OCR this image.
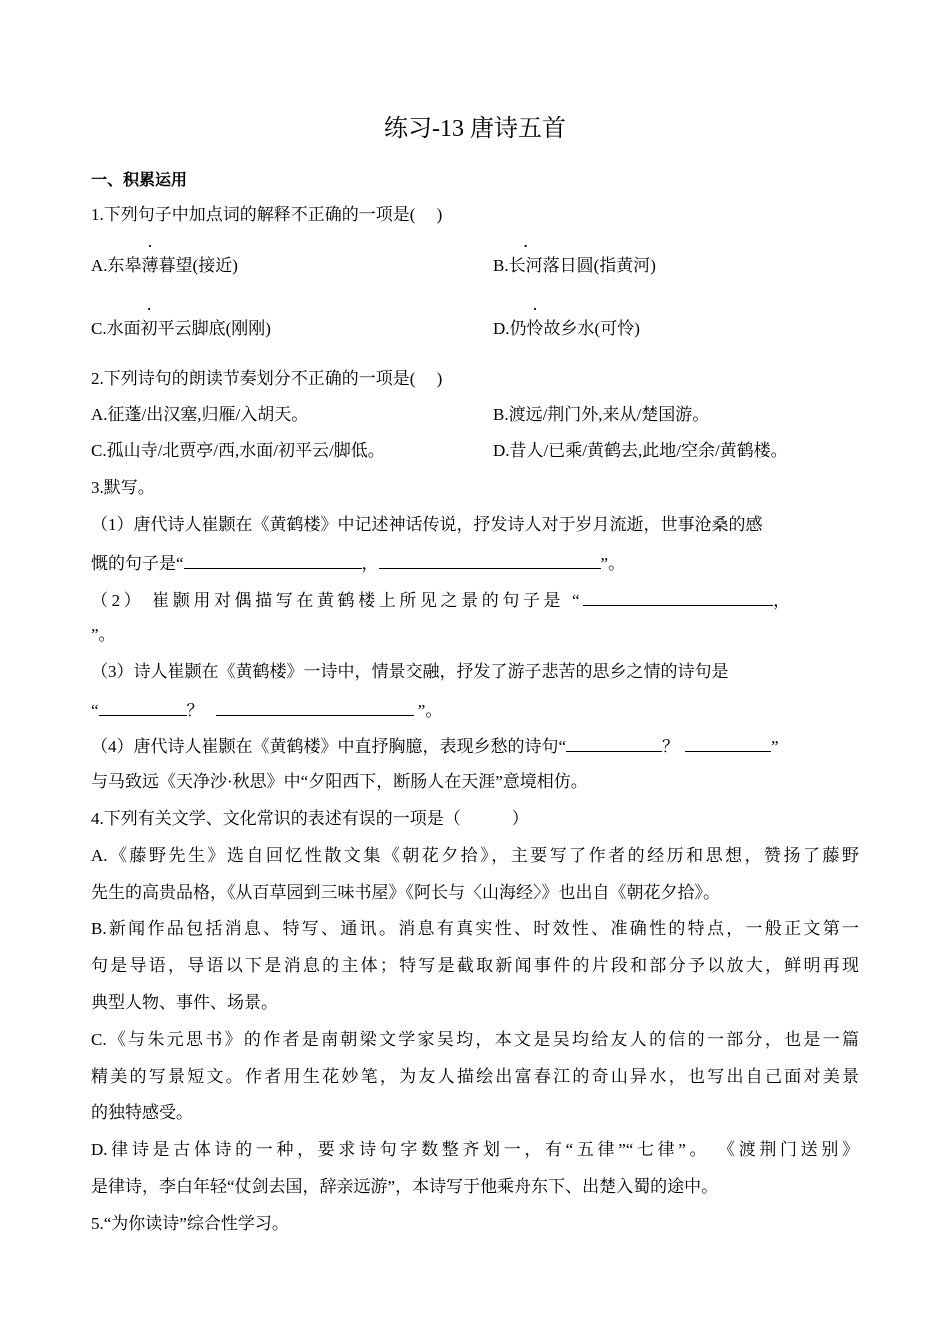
练习-13 唐诗五首
一、积累运用
1.下列句子中加点词的解释不正确的一项是(　 )
A.东皋薄暮望(接近)	B.长河落日圆(指黄河)
C.水面初平云脚底(刚刚)	D.仍怜故乡水(可怜)
2.下列诗句的朗读节奏划分不正确的一项是(　 )
A.征蓬/出汉塞,归雁/入胡天。	B.渡远/荆门外,来从/楚国游。
C.孤山寺/北贾亭/西,水面/初平云/脚低。	D.昔人/已乘/黄鹤去,此地/空余/黄鹤楼。
3.默写。
（1）唐代诗人崔颢在《黄鹤楼》中记述神话传说，抒发诗人对于岁月流逝，世事沧桑的感
慨的句子是“	，	”。
（2） 崔颢用对偶描写在黄鹤楼上所见之景的句子是 “	，
”。
（3）诗人崔颢在《黄鹤楼》一诗中，情景交融，抒发了游子悲苦的思乡之情的诗句是
“	？	”。
（4）唐代诗人崔颢在《黄鹤楼》中直抒胸臆，表现乡愁的诗句“	？	”
与马致远《天净沙·秋思》中“夕阳西下，断肠人在天涯”意境相仿。
4.下列有关文学、文化常识的表述有误的一项是（　　　）
A.《藤野先生》选自回忆性散文集《朝花夕拾》，主要写了作者的经历和思想，赞扬了藤野
先生的高贵品格，《从百草园到三味书屋》《阿长与〈山海经〉》也出自《朝花夕拾》。
B.新闻作品包括消息、特写、通讯。消息有真实性、时效性、准确性的特点，一般正文第一
句是导语，导语以下是消息的主体；特写是截取新闻事件的片段和部分予以放大，鲜明再现
典型人物、事件、场景。
C.《与朱元思书》的作者是南朝梁文学家吴均，本文是吴均给友人的信的一部分，也是一篇
精美的写景短文。作者用生花妙笔，为友人描绘出富春江的奇山异水，也写出自己面对美景
的独特感受。
D.律诗是古体诗的一种，要求诗句字数整齐划一，有“五律”“七律”。 《渡荆门送别》
是律诗，李白年轻“仗剑去国，辞亲远游”，本诗写于他乘舟东下、出楚入蜀的途中。
5.“为你读诗”综合性学习。
